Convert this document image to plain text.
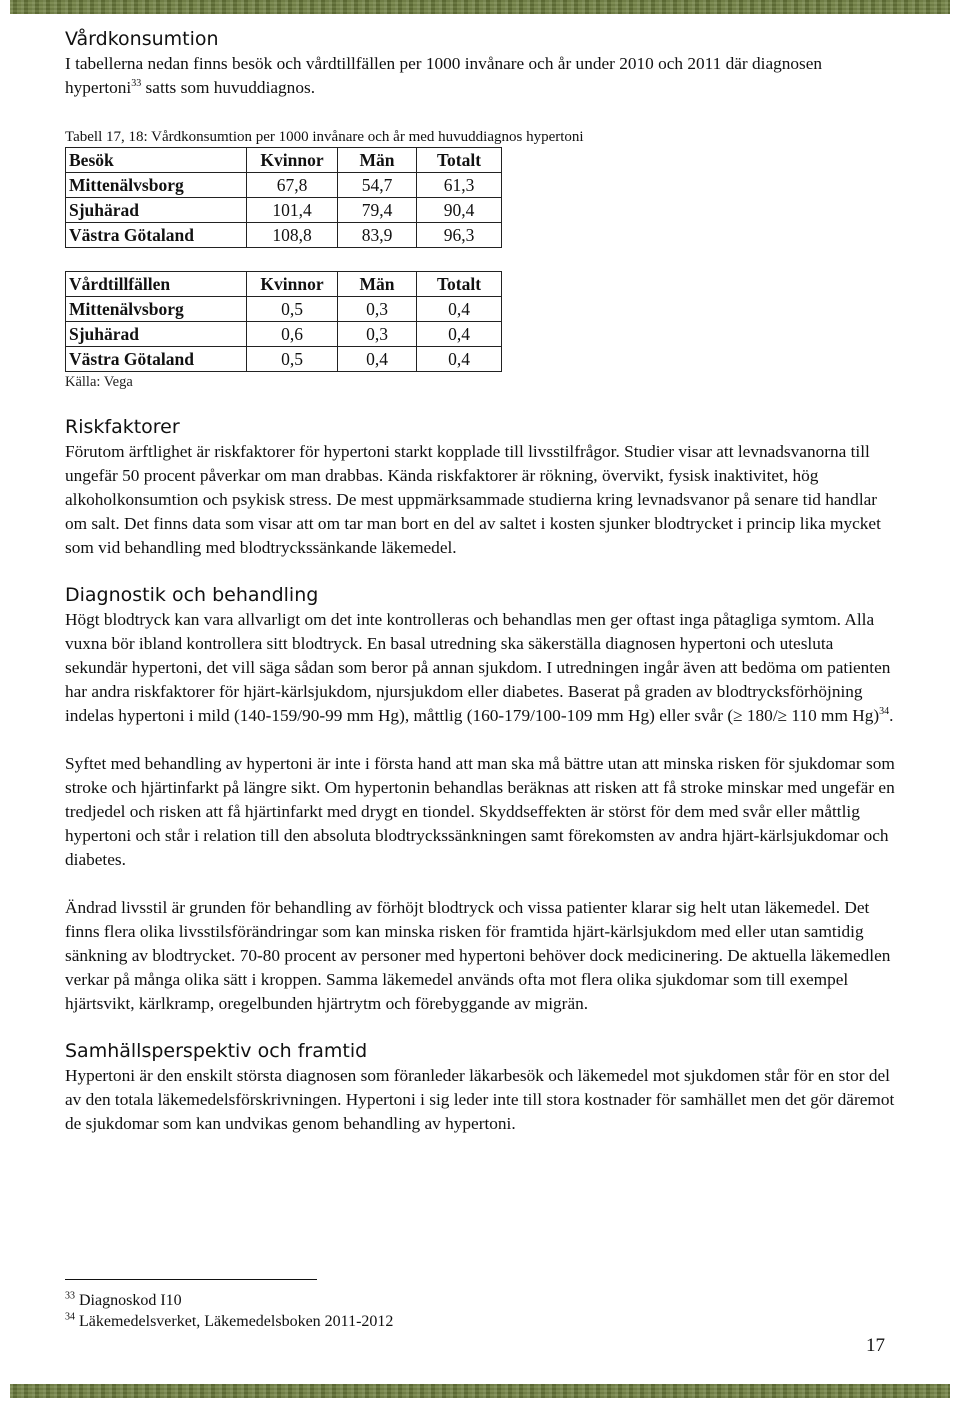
Vårdkonsumtion

I tabellerna nedan finns besök och vårdtillfällen per 1000 invånare och år under 2010 och 2011 där diagnosen hypertoni$^{33}$ satts som huvuddiagnos.

Tabell 17, 18: Vårdkonsumtion per 1000 invånare och år med huvuddiagnos hypertoni

Besök	Kvinnor	Män	Totalt
Mittenälvsborg	67,8	54,7	61,3
Sjuhärad	101,4	79,4	90,4
Västra Götaland	108,8	83,9	96,3
Vårdtillfällen	Kvinnor	Män	Totalt
Mittenälvsborg	0,5	0,3	0,4
Sjuhärad	0,6	0,3	0,4
Västra Götaland	0,5	0,4	0,4
Källa: Vega
Riskfaktorer

Förutom ärftlighet är riskfaktorer för hypertoni starkt kopplade till livsstilfrågor. Studier visar att levnadsvanorna till ungefär 50 procent påverkar om man drabbas. Kända riskfaktorer är rökning, övervikt, fysisk inaktivitet, hög alkoholkonsumtion och psykisk stress. De mest uppmärksammade studierna kring levnadsvanor på senare tid handlar om salt. Det finns data som visar att om tar man bort en del av saltet i kosten sjunker blodtrycket i princip lika mycket som vid behandling med blodtryckssänkande läkemedel.

Diagnostik och behandling

Högt blodtryck kan vara allvarligt om det inte kontrolleras och behandlas men ger oftast inga påtagliga symtom. Alla vuxna bör ibland kontrollera sitt blodtryck. En basal utredning ska säkerställa diagnosen hypertoni och utesluta sekundär hypertoni, det vill säga sådan som beror på annan sjukdom. I utredningen ingår även att bedöma om patienten har andra riskfaktorer för hjärt-kärlsjukdom, njursjukdom eller diabetes. Baserat på graden av blodtrycksförhöjning indelas hypertoni i mild (140-159/90-99 mm Hg), måttlig (160-179/100-109 mm Hg) eller svår (≥ 180/≥ 110 mm Hg)$^{34}$.

Syftet med behandling av hypertoni är inte i första hand att man ska må bättre utan att minska risken för sjukdomar som stroke och hjärtinfarkt på längre sikt. Om hypertonin behandlas beräknas att risken att få stroke minskar med ungefär en tredjedel och risken att få hjärtinfarkt med drygt en tiondel. Skyddseffekten är störst för dem med svår eller måttlig hypertoni och står i relation till den absoluta blodtryckssänkningen samt förekomsten av andra hjärt-kärlsjukdomar och diabetes.

Ändrad livsstil är grunden för behandling av förhöjt blodtryck och vissa patienter klarar sig helt utan läkemedel. Det finns flera olika livsstilsförändringar som kan minska risken för framtida hjärt-kärlsjukdom med eller utan samtidig sänkning av blodtrycket. 70-80 procent av personer med hypertoni behöver dock medicinering. De aktuella läkemedlen verkar på många olika sätt i kroppen. Samma läkemedel används ofta mot flera olika sjukdomar som till exempel hjärtsvikt, kärlkramp, oregelbunden hjärtrytm och förebyggande av migrän.

Samhällsperspektiv och framtid

Hypertoni är den enskilt största diagnosen som föranleder läkarbesök och läkemedel mot sjukdomen står för en stor del av den totala läkemedelsförskrivningen. Hypertoni i sig leder inte till stora kostnader för samhället men det gör däremot de sjukdomar som kan undvikas genom behandling av hypertoni.

$^{33}$ Diagnoskod I10
$^{34}$ Läkemedelsverket, Läkemedelsboken 2011-2012
17
